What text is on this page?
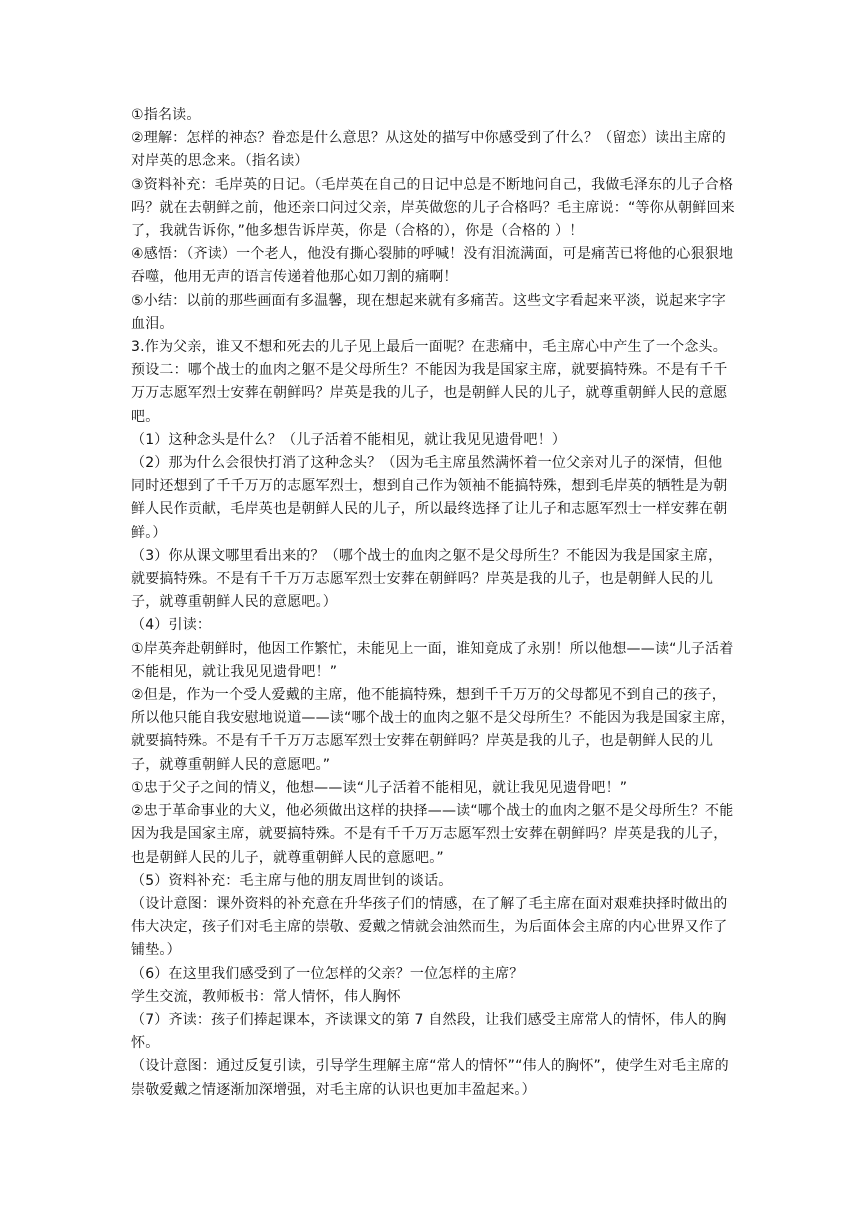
①指名读。

②理解：怎样的神态？眷恋是什么意思？从这处的描写中你感受到了什么？（留恋）读出主席的对岸英的思念来。（指名读）

③资料补充：毛岸英的日记。（毛岸英在自己的日记中总是不断地问自己，我做毛泽东的儿子合格吗？就在去朝鲜之前，他还亲口问过父亲，岸英做您的儿子合格吗？毛主席说：“等你从朝鲜回来了，我就告诉你，”他多想告诉岸英，你是（合格的），你是（合格的 ）！

④感悟：（齐读）一个老人，他没有撕心裂肺的呼喊！没有泪流满面，可是痛苦已将他的心狠狠地吞噬，他用无声的语言传递着他那心如刀割的痛啊！

⑤小结：以前的那些画面有多温馨，现在想起来就有多痛苦。这些文字看起来平淡，说起来字字血泪。

3.作为父亲，谁又不想和死去的儿子见上最后一面呢？在悲痛中，毛主席心中产生了一个念头。

预设二：哪个战士的血肉之躯不是父母所生？不能因为我是国家主席，就要搞特殊。不是有千千万万志愿军烈士安葬在朝鲜吗？岸英是我的儿子，也是朝鲜人民的儿子，就尊重朝鲜人民的意愿吧。

（1）这种念头是什么？（儿子活着不能相见，就让我见见遗骨吧！）

（2）那为什么会很快打消了这种念头？（因为毛主席虽然满怀着一位父亲对儿子的深情，但他同时还想到了千千万万的志愿军烈士，想到自己作为领袖不能搞特殊，想到毛岸英的牺牲是为朝鲜人民作贡献，毛岸英也是朝鲜人民的儿子，所以最终选择了让儿子和志愿军烈士一样安葬在朝鲜。）

（3）你从课文哪里看出来的？（哪个战士的血肉之躯不是父母所生？不能因为我是国家主席，就要搞特殊。不是有千千万万志愿军烈士安葬在朝鲜吗？岸英是我的儿子，也是朝鲜人民的儿子，就尊重朝鲜人民的意愿吧。）

（4）引读：

①岸英奔赴朝鲜时，他因工作繁忙，未能见上一面，谁知竟成了永别！所以他想——读“儿子活着不能相见，就让我见见遗骨吧！”

②但是，作为一个受人爱戴的主席，他不能搞特殊，想到千千万万的父母都见不到自己的孩子，所以他只能自我安慰地说道——读“哪个战士的血肉之躯不是父母所生？不能因为我是国家主席，就要搞特殊。不是有千千万万志愿军烈士安葬在朝鲜吗？岸英是我的儿子，也是朝鲜人民的儿子，就尊重朝鲜人民的意愿吧。”

①忠于父子之间的情义，他想——读“儿子活着不能相见，就让我见见遗骨吧！”

②忠于革命事业的大义，他必须做出这样的抉择——读“哪个战士的血肉之躯不是父母所生？不能因为我是国家主席，就要搞特殊。不是有千千万万志愿军烈士安葬在朝鲜吗？岸英是我的儿子，也是朝鲜人民的儿子，就尊重朝鲜人民的意愿吧。”

（5）资料补充：毛主席与他的朋友周世钊的谈话。

（设计意图：课外资料的补充意在升华孩子们的情感，在了解了毛主席在面对艰难抉择时做出的伟大决定，孩子们对毛主席的崇敬、爱戴之情就会油然而生，为后面体会主席的内心世界又作了铺垫。）

（6）在这里我们感受到了一位怎样的父亲？一位怎样的主席？

学生交流，教师板书：常人情怀，伟人胸怀

（7）齐读：孩子们捧起课本，齐读课文的第 7 自然段，让我们感受主席常人的情怀，伟人的胸怀。

（设计意图：通过反复引读，引导学生理解主席“常人的情怀”“伟人的胸怀”，使学生对毛主席的崇敬爱戴之情逐渐加深增强，对毛主席的认识也更加丰盈起来。）
